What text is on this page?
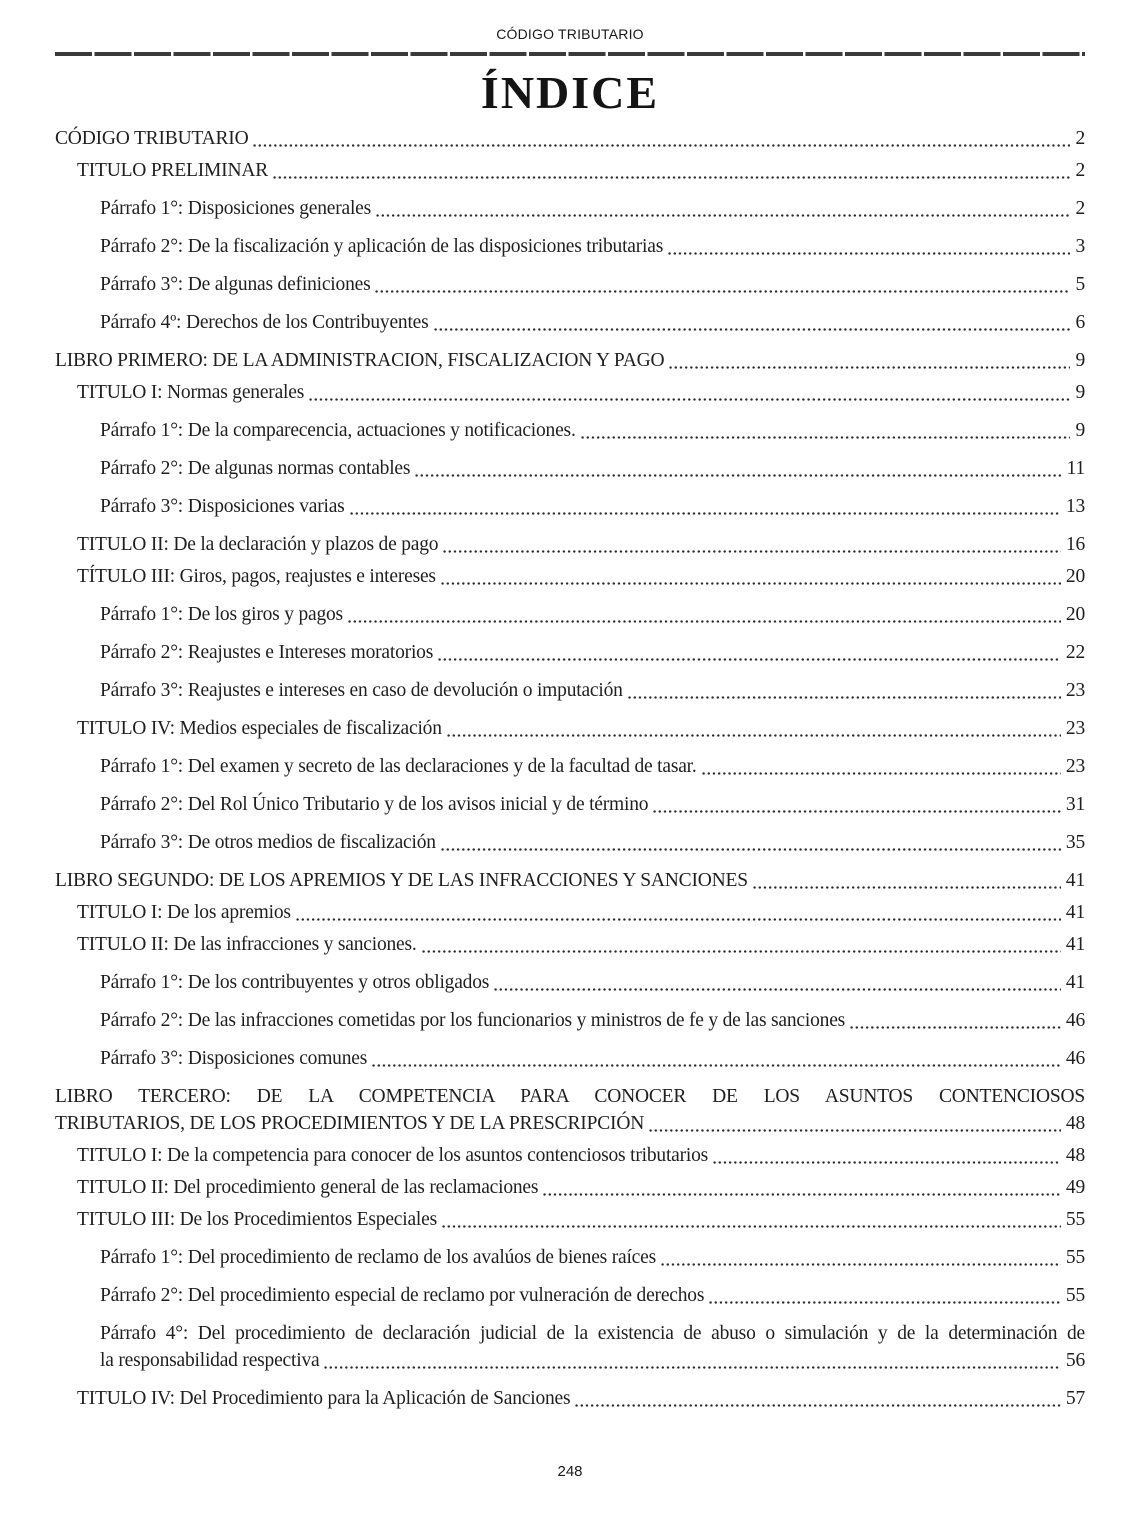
CÓDIGO TRIBUTARIO
ÍNDICE
CÓDIGO TRIBUTARIO	2
TITULO PRELIMINAR	2
Párrafo 1°: Disposiciones generales	2
Párrafo 2°: De la fiscalización y aplicación de las disposiciones tributarias	3
Párrafo 3°: De algunas definiciones	5
Párrafo 4º: Derechos de los Contribuyentes	6
LIBRO PRIMERO: DE LA ADMINISTRACION, FISCALIZACION Y PAGO	9
TITULO I: Normas generales	9
Párrafo 1°: De la comparecencia, actuaciones y notificaciones.	9
Párrafo 2°: De algunas normas contables	11
Párrafo 3°: Disposiciones varias	13
TITULO II: De la declaración y plazos de pago	16
TÍTULO III: Giros, pagos, reajustes e intereses	20
Párrafo 1°: De los giros y pagos	20
Párrafo 2°: Reajustes e Intereses moratorios	22
Párrafo 3°: Reajustes e intereses en caso de devolución o imputación	23
TITULO IV: Medios especiales de fiscalización	23
Párrafo 1°: Del examen y secreto de las declaraciones y de la facultad de tasar.	23
Párrafo 2°: Del Rol Único Tributario y de los avisos inicial y de término	31
Párrafo 3°: De otros medios de fiscalización	35
LIBRO SEGUNDO: DE LOS APREMIOS Y DE LAS INFRACCIONES Y SANCIONES	41
TITULO I: De los apremios	41
TITULO II: De las infracciones y sanciones.	41
Párrafo 1°: De los contribuyentes y otros obligados	41
Párrafo 2°: De las infracciones cometidas por los funcionarios y ministros de fe y de las sanciones	46
Párrafo 3°: Disposiciones comunes	46
LIBRO TERCERO: DE LA COMPETENCIA PARA CONOCER DE LOS ASUNTOS CONTENCIOSOS
TRIBUTARIOS, DE LOS PROCEDIMIENTOS Y DE LA PRESCRIPCIÓN	48
TITULO I: De la competencia para conocer de los asuntos contenciosos tributarios	48
TITULO II: Del procedimiento general de las reclamaciones	49
TITULO III: De los Procedimientos Especiales	55
Párrafo 1°: Del procedimiento de reclamo de los avalúos de bienes raíces	55
Párrafo 2°: Del procedimiento especial de reclamo por vulneración de derechos	55
Párrafo 4°: Del procedimiento de declaración judicial de la existencia de abuso o simulación y de la determinación de
la responsabilidad respectiva	56
TITULO IV: Del Procedimiento para la Aplicación de Sanciones	57
248
